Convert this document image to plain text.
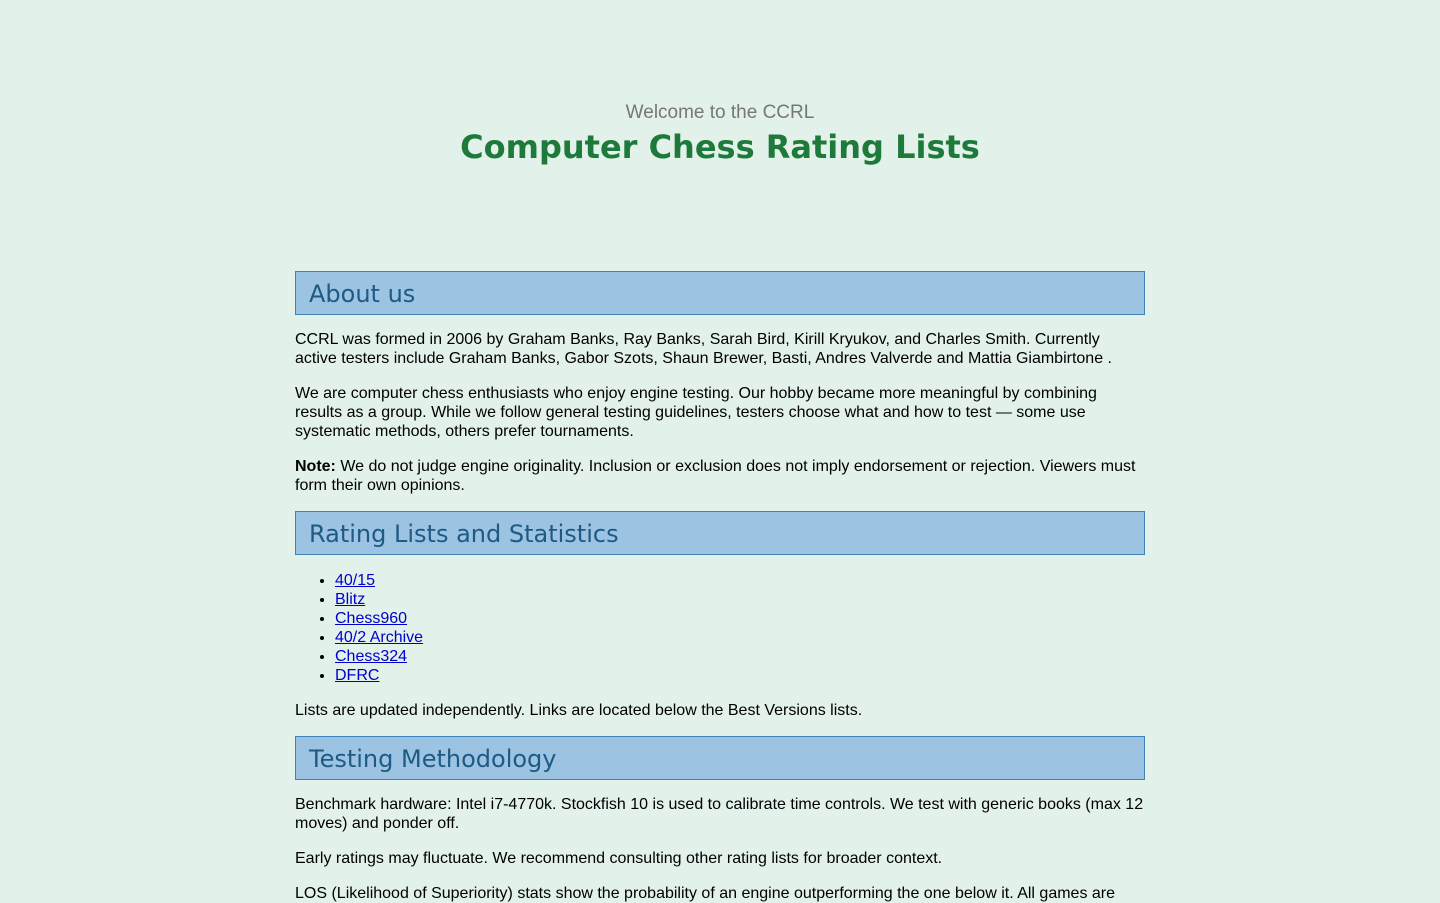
Welcome to the CCRL
Computer Chess Rating Lists
About us

CCRL was formed in 2006 by Graham Banks, Ray Banks, Sarah Bird, Kirill Kryukov, and Charles Smith. Currently active testers include Graham Banks, Gabor Szots, Shaun Brewer, Basti, Andres Valverde and Mattia Giambirtone .

We are computer chess enthusiasts who enjoy engine testing. Our hobby became more meaningful by combining results as a group. While we follow general testing guidelines, testers choose what and how to test — some use systematic methods, others prefer tournaments.

Note: We do not judge engine originality. Inclusion or exclusion does not imply endorsement or rejection. Viewers must form their own opinions.

Rating Lists and Statistics
• 40/15
• Blitz
• Chess960
• 40/2 Archive
• Chess324
• DFRC

Lists are updated independently. Links are located below the Best Versions lists.

Testing Methodology

Benchmark hardware: Intel i7-4770k. Stockfish 10 is used to calibrate time controls. We test with generic books (max 12 moves) and ponder off.

Early ratings may fluctuate. We recommend consulting other rating lists for broader context.

LOS (Likelihood of Superiority) stats show the probability of an engine outperforming the one below it. All games are
